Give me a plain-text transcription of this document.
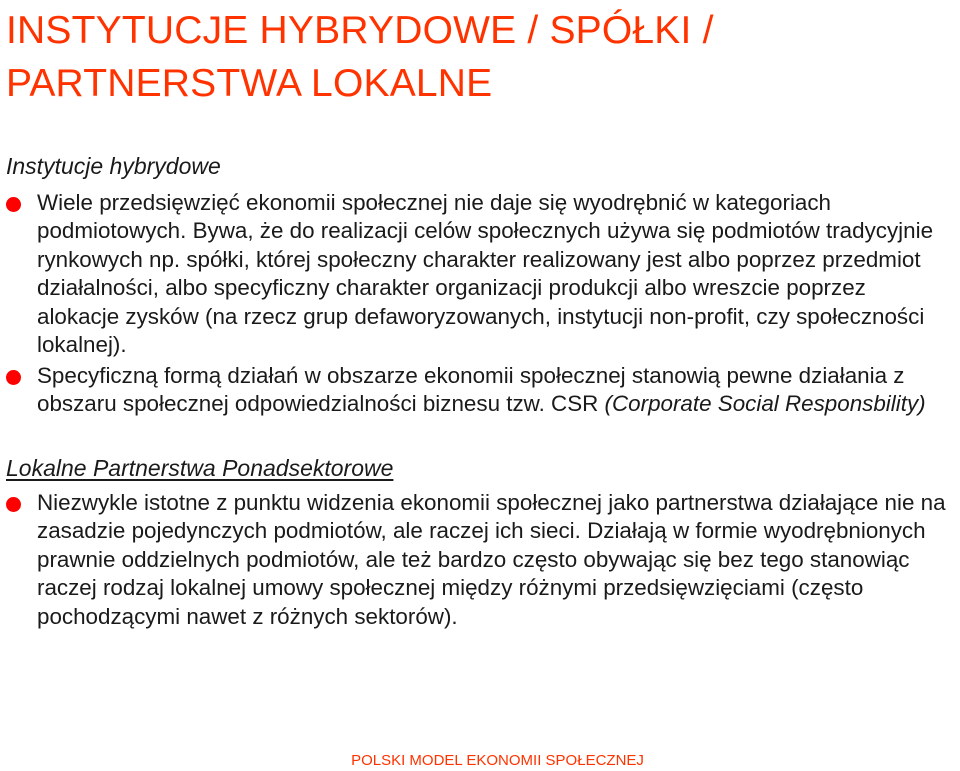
INSTYTUCJE HYBRYDOWE / SPÓŁKI / PARTNERSTWA LOKALNE
Instytucje hybrydowe

Wiele przedsięwzięć ekonomii społecznej nie daje się wyodrębnić w kategoriach podmiotowych. Bywa, że do realizacji celów społecznych używa się podmiotów tradycyjnie rynkowych np. spółki, której społeczny charakter realizowany jest albo poprzez przedmiot działalności, albo specyficzny charakter organizacji produkcji albo wreszcie poprzez alokacje zysków (na rzecz grup defaworyzowanych, instytucji non-profit, czy społeczności lokalnej).

Specyficzną formą działań w obszarze ekonomii społecznej stanowią pewne działania z obszaru społecznej odpowiedzialności biznesu tzw. CSR (Corporate Social Responsbility)

Lokalne Partnerstwa Ponadsektorowe

Niezwykle istotne z punktu widzenia ekonomii społecznej jako partnerstwa działające nie na zasadzie pojedynczych podmiotów, ale raczej ich sieci. Działają w formie wyodrębnionych prawnie oddzielnych podmiotów, ale też bardzo często obywając się bez tego stanowiąc raczej rodzaj lokalnej umowy społecznej między różnymi przedsięwzięciami (często pochodzącymi nawet z różnych sektorów).

POLSKI MODEL EKONOMII SPOŁECZNEJ
